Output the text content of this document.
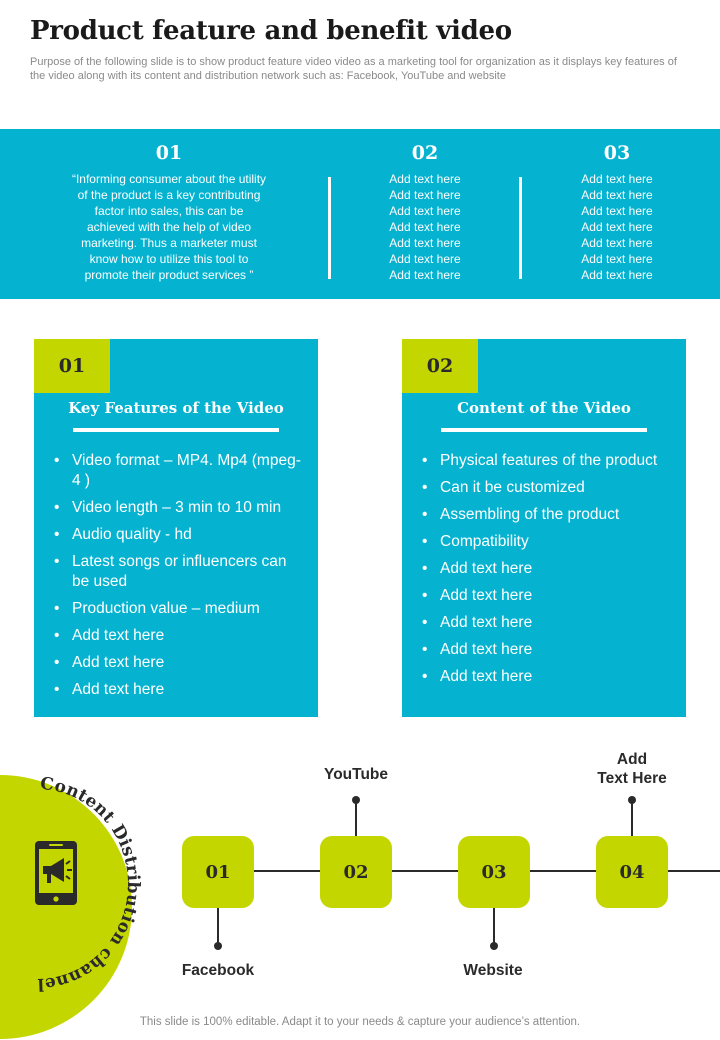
Product feature and benefit video
Purpose of the following slide is to show product feature video video as a marketing tool for organization as it displays key features of the video along with its content and distribution network such as: Facebook, YouTube and website
01
“Informing consumer about the utility
of the product is a key contributing
factor into sales, this can be
achieved with the help of video
marketing. Thus a marketer must
know how to utilize this tool to
promote their product services ”
02
Add text here
Add text here
Add text here
Add text here
Add text here
Add text here
Add text here
03
Add text here
Add text here
Add text here
Add text here
Add text here
Add text here
Add text here
01
Key Features of the Video
• Video format – MP4. Mp4 (mpeg-4 )
• Video length – 3 min to 10 min
• Audio quality - hd
• Latest songs or influencers can be used
• Production value – medium
• Add text here
• Add text here
• Add text here
02
Content of the Video
• Physical features of the product
• Can it be customized
• Assembling of the product
• Compatibility
• Add text here
• Add text here
• Add text here
• Add text here
• Add text here
Content Distribution channel
01
Facebook
02
YouTube
03
Website
04
Add
Text Here
This slide is 100% editable. Adapt it to your needs & capture your audience’s attention.
